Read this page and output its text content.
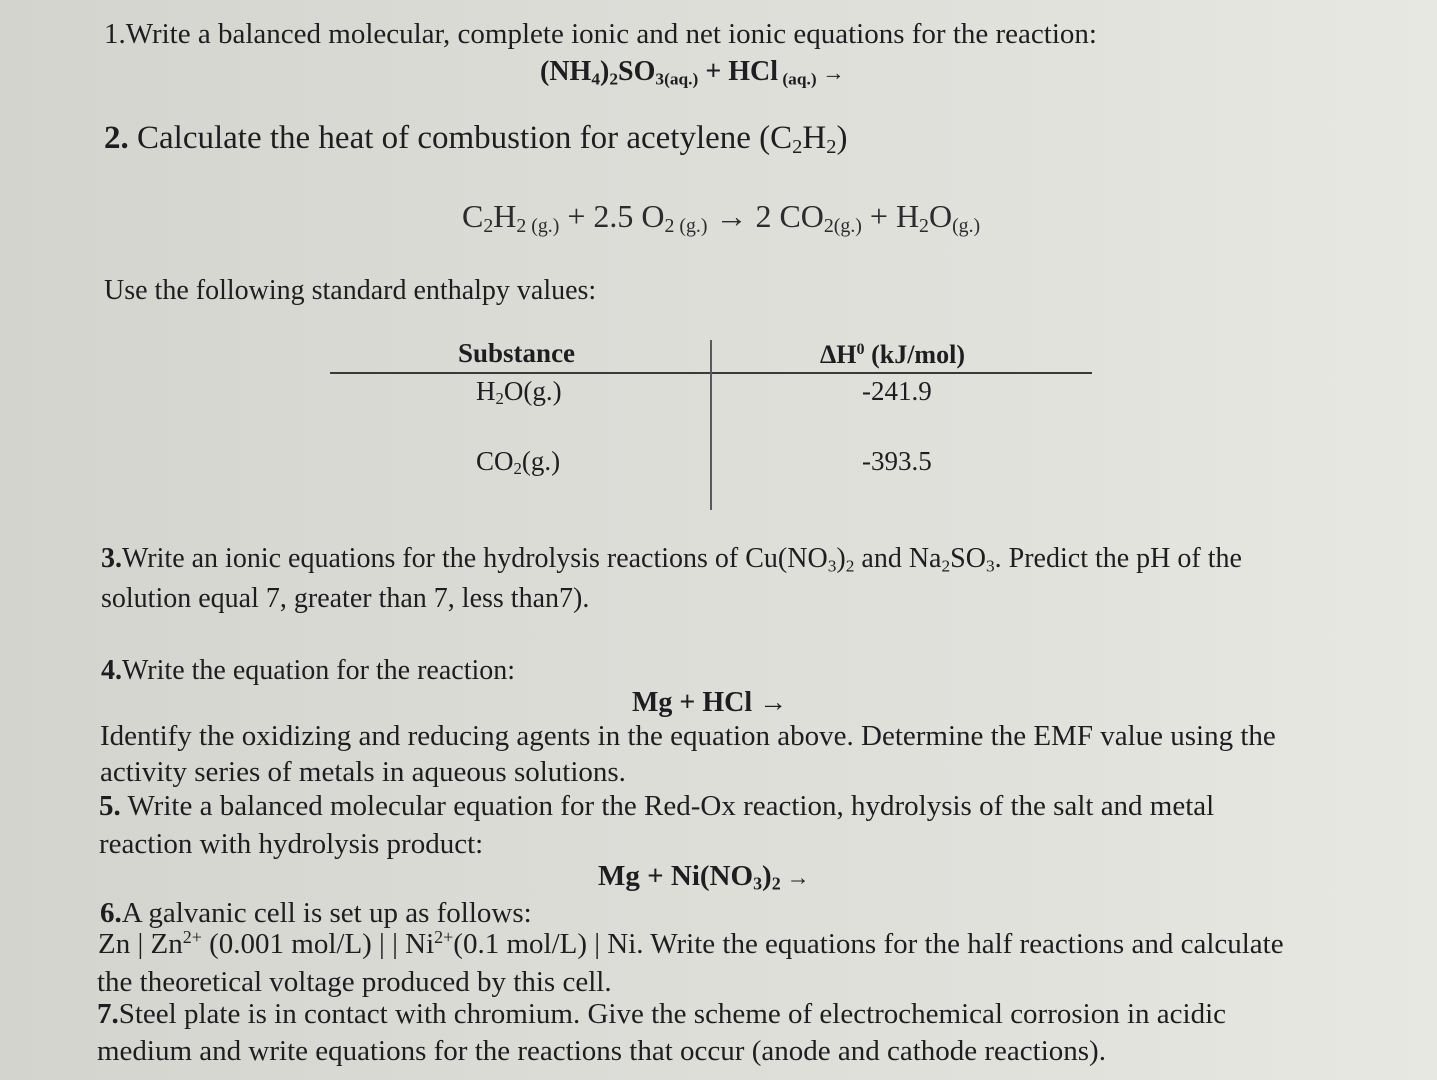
1.Write a balanced molecular, complete ionic and net ionic equations for the reaction:
$(NH_4)_2SO_{3(aq.)}$ + HCl $_{(aq.)}$ →
2. Calculate the heat of combustion for acetylene $(C_2H_2)$
$C_2H_{2 (g.)} + 2.5$ $O_{2 (g.)} \to 2$ $CO_{2(g.)} + H_2O_{(g.)}$
Use the following standard enthalpy values:
Substance	$\Delta H^0$ (kJ/mol)
$H_2O(g.)$	-241.9
$CO_2(g.)$	-393.5
3.Write an ionic equations for the hydrolysis reactions of $Cu(NO_3)_2$ and $Na_2SO_3$. Predict the pH of the
solution equal 7, greater than 7, less than7).
4.Write the equation for the reaction:
Mg + HCl →
Identify the oxidizing and reducing agents in the equation above. Determine the EMF value using the
activity series of metals in aqueous solutions.
5. Write a balanced molecular equation for the Red-Ox reaction, hydrolysis of the salt and metal
reaction with hydrolysis product:
$Mg + Ni(NO_3)_2$ →
6.A galvanic cell is set up as follows:
Zn | $Zn^{2+}$ (0.001 mol/L) | | $Ni^{2+}(0.1$ mol/L) | Ni. Write the equations for the half reactions and calculate
the theoretical voltage produced by this cell.
7.Steel plate is in contact with chromium. Give the scheme of electrochemical corrosion in acidic
medium and write equations for the reactions that occur (anode and cathode reactions).
